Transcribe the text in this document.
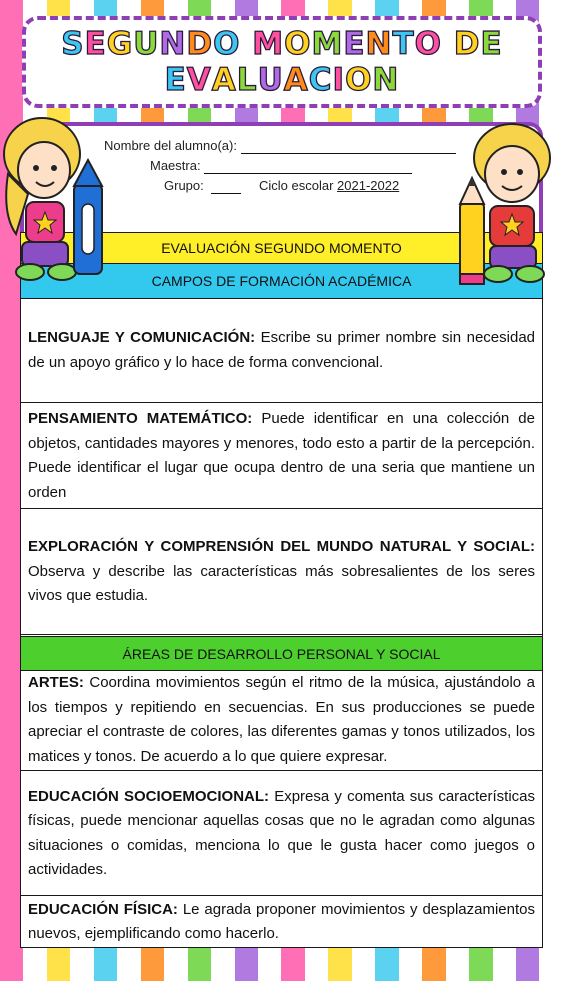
SEGUNDO MOMENTO DE
EVALUACION
Nombre del alumno(a):
Maestra:
Grupo:	Ciclo escolar 2021-2022
EVALUACIÓN SEGUNDO MOMENTO
CAMPOS DE FORMACIÓN ACADÉMICA

LENGUAJE Y COMUNICACIÓN: Escribe su primer nombre sin necesidad de un apoyo gráfico y lo hace de forma convencional.

PENSAMIENTO MATEMÁTICO: Puede identificar en una colección de objetos, cantidades mayores y menores, todo esto a partir de la percepción. Puede identificar el lugar que ocupa dentro de una seria que mantiene un orden

EXPLORACIÓN Y COMPRENSIÓN DEL MUNDO NATURAL Y SOCIAL: Observa y describe las características más sobresalientes de los seres vivos que estudia.

ÁREAS DE DESARROLLO PERSONAL Y SOCIAL

ARTES: Coordina movimientos según el ritmo de la música, ajustándolo a los tiempos y repitiendo en secuencias. En sus producciones se puede apreciar el contraste de colores, las diferentes gamas y tonos utilizados, los matices y tonos. De acuerdo a lo que quiere expresar.

EDUCACIÓN SOCIOEMOCIONAL: Expresa y comenta sus características físicas, puede mencionar aquellas cosas que no le agradan como algunas situaciones o comidas, menciona lo que le gusta hacer como juegos o actividades.

EDUCACIÓN FÍSICA: Le agrada proponer movimientos y desplazamientos nuevos, ejemplificando como hacerlo.
